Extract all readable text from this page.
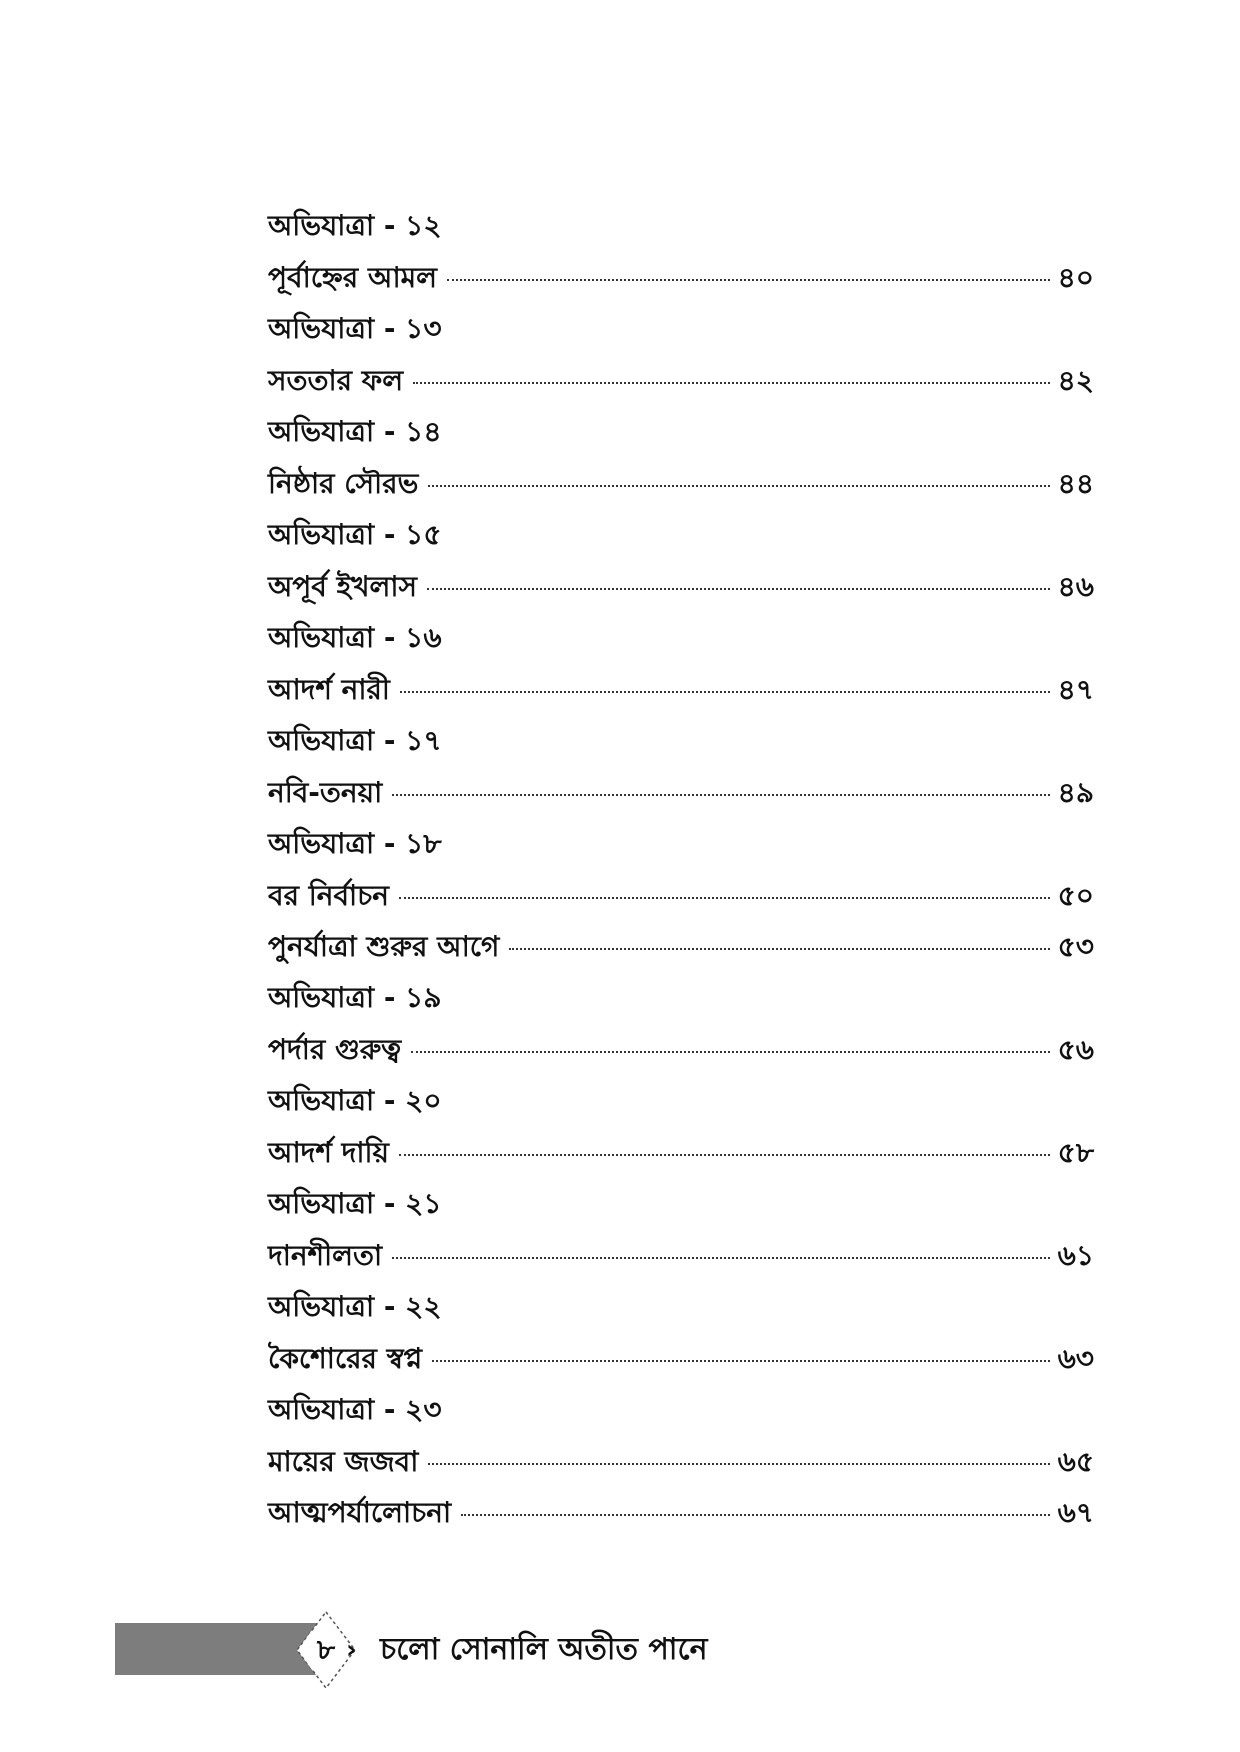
অভিযাত্রা - ১২
পূর্বাহ্নের আমল	৪০
অভিযাত্রা - ১৩
সততার ফল	৪২
অভিযাত্রা - ১৪
নিষ্ঠার সৌরভ	৪৪
অভিযাত্রা - ১৫
অপূর্ব ইখলাস	৪৬
অভিযাত্রা - ১৬
আদর্শ নারী	৪৭
অভিযাত্রা - ১৭
নবি-তনয়া	৪৯
অভিযাত্রা - ১৮
বর নির্বাচন	৫০
পুনর্যাত্রা শুরুর আগে	৫৩
অভিযাত্রা - ১৯
পর্দার গুরুত্ব	৫৬
অভিযাত্রা - ২০
আদর্শ দায়ি	৫৮
অভিযাত্রা - ২১
দানশীলতা	৬১
অভিযাত্রা - ২২
কৈশোরের স্বপ্ন	৬৩
অভিযাত্রা - ২৩
মায়ের জজবা	৬৫
আত্মপর্যালোচনা	৬৭
৮ › চলো সোনালি অতীত পানে
